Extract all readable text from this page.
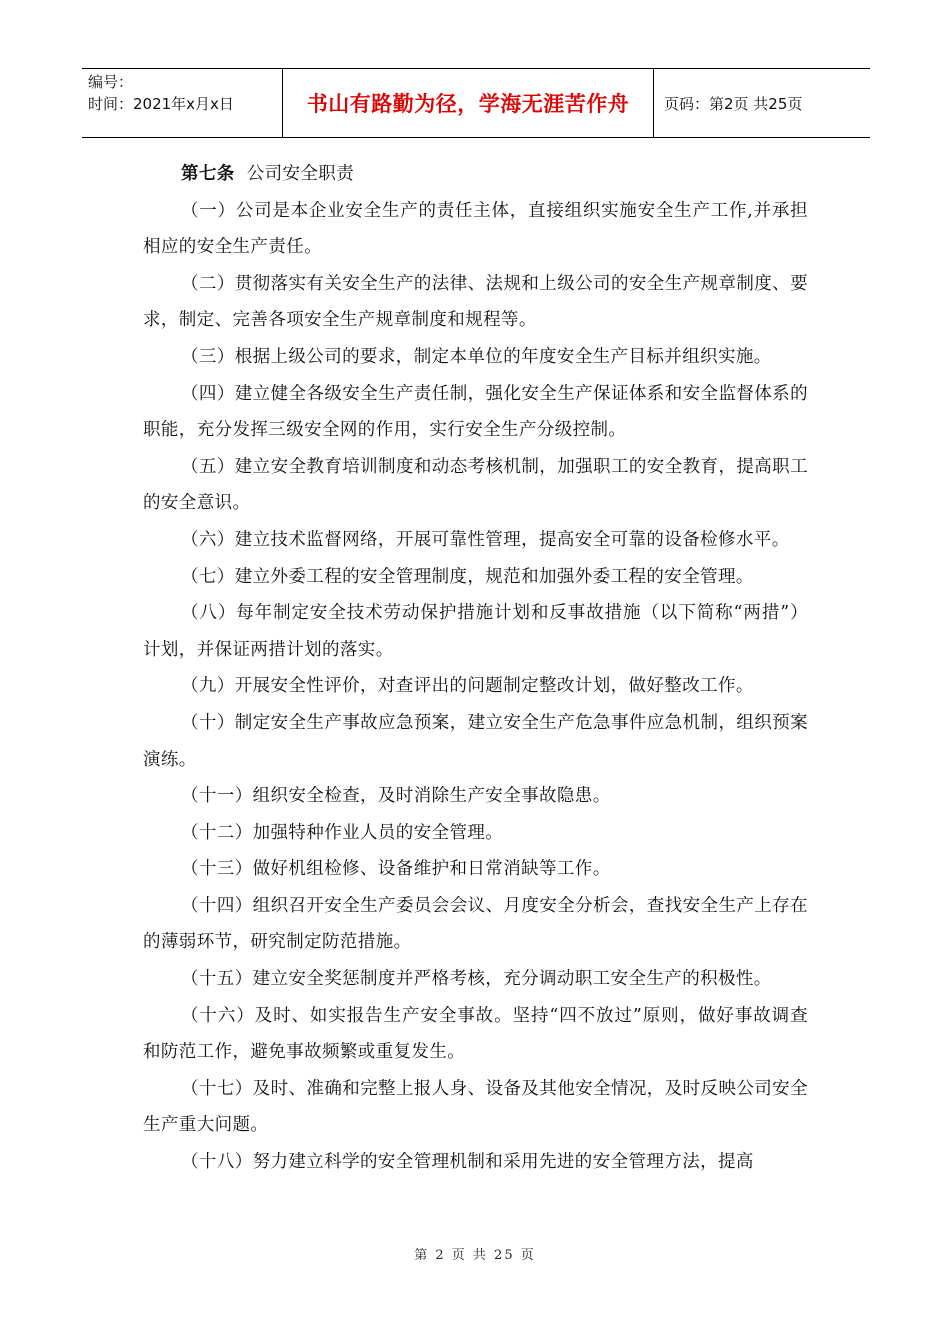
编号：
时间：2021年x月x日	书山有路勤为径，学海无涯苦作舟	页码：第2页 共25页

第七条 公司安全职责

（一）公司是本企业安全生产的责任主体，直接组织实施安全生产工作,并承担相应的安全生产责任。

（二）贯彻落实有关安全生产的法律、法规和上级公司的安全生产规章制度、要求，制定、完善各项安全生产规章制度和规程等。

（三）根据上级公司的要求，制定本单位的年度安全生产目标并组织实施。

（四）建立健全各级安全生产责任制，强化安全生产保证体系和安全监督体系的职能，充分发挥三级安全网的作用，实行安全生产分级控制。

（五）建立安全教育培训制度和动态考核机制，加强职工的安全教育，提高职工的安全意识。

（六）建立技术监督网络，开展可靠性管理，提高安全可靠的设备检修水平。

（七）建立外委工程的安全管理制度，规范和加强外委工程的安全管理。

（八）每年制定安全技术劳动保护措施计划和反事故措施（以下简称“两措”）计划，并保证两措计划的落实。

（九）开展安全性评价，对查评出的问题制定整改计划，做好整改工作。

（十）制定安全生产事故应急预案，建立安全生产危急事件应急机制，组织预案演练。

（十一）组织安全检查，及时消除生产安全事故隐患。

（十二）加强特种作业人员的安全管理。

（十三）做好机组检修、设备维护和日常消缺等工作。

（十四）组织召开安全生产委员会会议、月度安全分析会，查找安全生产上存在的薄弱环节，研究制定防范措施。

（十五）建立安全奖惩制度并严格考核，充分调动职工安全生产的积极性。

（十六）及时、如实报告生产安全事故。坚持“四不放过”原则，做好事故调查和防范工作，避免事故频繁或重复发生。

（十七）及时、准确和完整上报人身、设备及其他安全情况，及时反映公司安全生产重大问题。

（十八）努力建立科学的安全管理机制和采用先进的安全管理方法，提高

第 2 页 共 25 页
